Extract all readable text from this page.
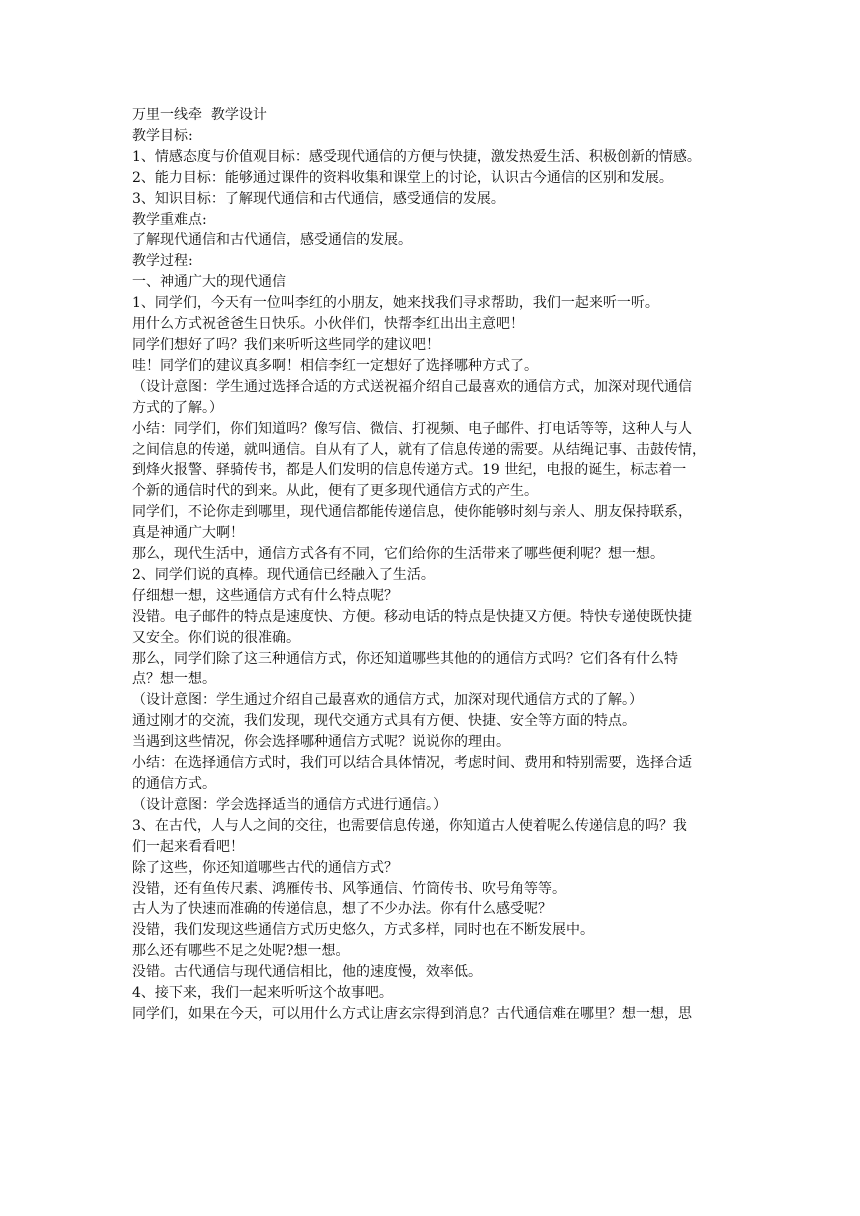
万里一线牵  教学设计

教学目标:

1、情感态度与价值观目标：感受现代通信的方便与快捷，激发热爱生活、积极创新的情感。

2、能力目标：能够通过课件的资料收集和课堂上的讨论，认识古今通信的区别和发展。

3、知识目标：了解现代通信和古代通信，感受通信的发展。

教学重难点:

了解现代通信和古代通信，感受通信的发展。

教学过程:

一、神通广大的现代通信

1、同学们，今天有一位叫李红的小朋友，她来找我们寻求帮助，我们一起来听一听。

用什么方式祝爸爸生日快乐。小伙伴们，快帮李红出出主意吧！

同学们想好了吗？我们来听听这些同学的建议吧！

哇！同学们的建议真多啊！相信李红一定想好了选择哪种方式了。

（设计意图：学生通过选择合适的方式送祝福介绍自己最喜欢的通信方式，加深对现代通信

方式的了解。）

小结：同学们，你们知道吗？像写信、微信、打视频、电子邮件、打电话等等，这种人与人

之间信息的传递，就叫通信。自从有了人，就有了信息传递的需要。从结绳记事、击鼓传情，

到烽火报警、驿骑传书，都是人们发明的信息传递方式。19 世纪，电报的诞生，标志着一

个新的通信时代的到来。从此，便有了更多现代通信方式的产生。

同学们，不论你走到哪里，现代通信都能传递信息，使你能够时刻与亲人、朋友保持联系，

真是神通广大啊！

那么，现代生活中，通信方式各有不同，它们给你的生活带来了哪些便利呢？想一想。

2、同学们说的真棒。现代通信已经融入了生活。

仔细想一想，这些通信方式有什么特点呢？

没错。电子邮件的特点是速度快、方便。移动电话的特点是快捷又方便。特快专递使既快捷

又安全。你们说的很准确。

那么，同学们除了这三种通信方式，你还知道哪些其他的的通信方式吗？它们各有什么特

点？想一想。

（设计意图：学生通过介绍自己最喜欢的通信方式，加深对现代通信方式的了解。）

通过刚才的交流，我们发现，现代交通方式具有方便、快捷、安全等方面的特点。

当遇到这些情况，你会选择哪种通信方式呢？说说你的理由。

小结：在选择通信方式时，我们可以结合具体情况，考虑时间、费用和特别需要，选择合适

的通信方式。

（设计意图：学会选择适当的通信方式进行通信。）

3、在古代，人与人之间的交往，也需要信息传递，你知道古人使着呢么传递信息的吗？我

们一起来看看吧！

除了这些，你还知道哪些古代的通信方式？

没错，还有鱼传尺素、鸿雁传书、风筝通信、竹筒传书、吹号角等等。

古人为了快速而准确的传递信息，想了不少办法。你有什么感受呢？

没错，我们发现这些通信方式历史悠久，方式多样，同时也在不断发展中。

那么还有哪些不足之处呢?想一想。

没错。古代通信与现代通信相比，他的速度慢，效率低。

4、接下来，我们一起来听听这个故事吧。

同学们，如果在今天，可以用什么方式让唐玄宗得到消息？古代通信难在哪里？想一想，思
